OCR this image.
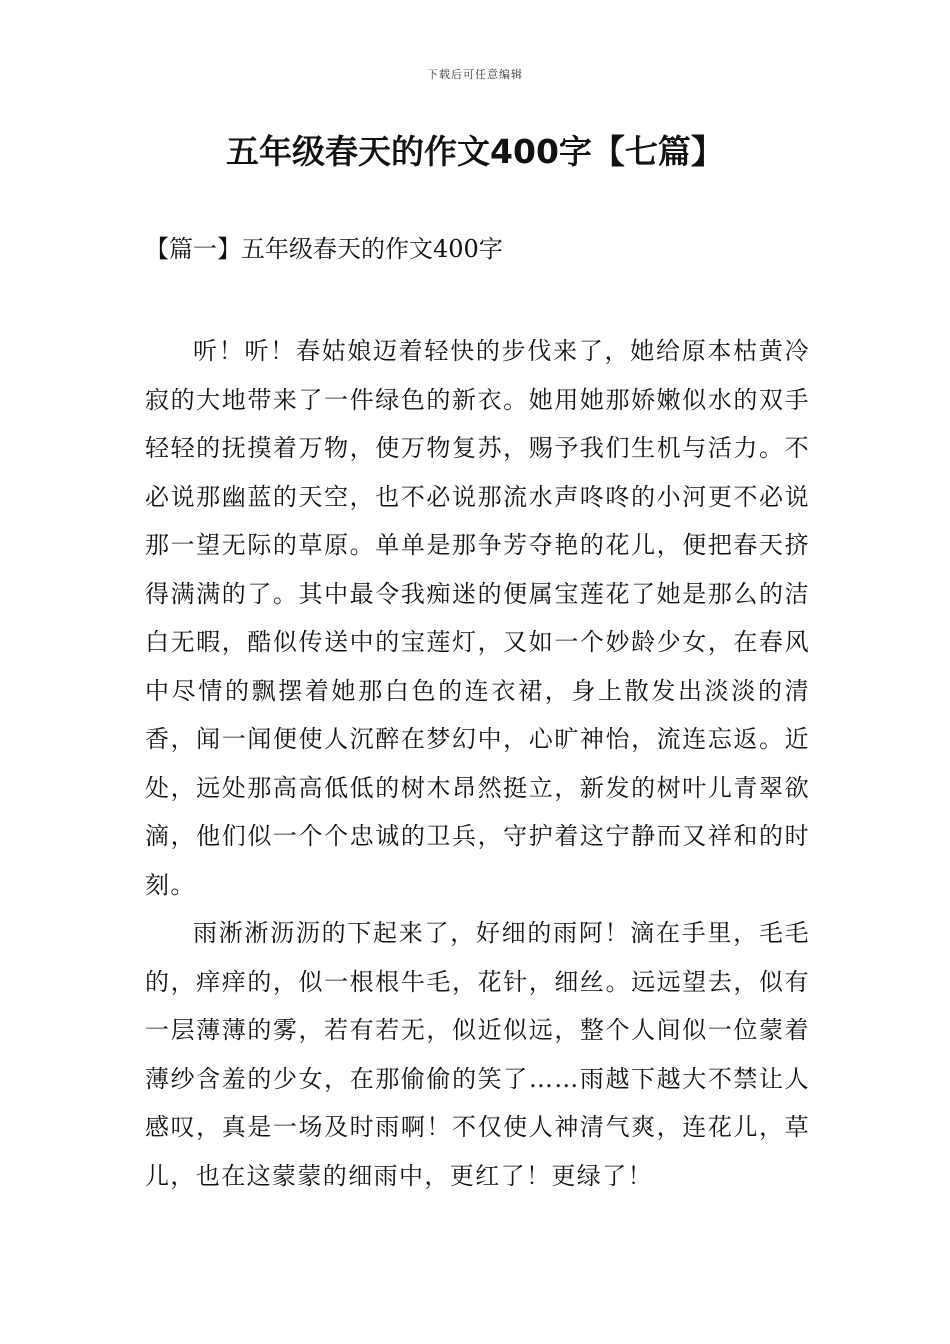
下载后可任意编辑
五年级春天的作文400字【七篇】
【篇一】五年级春天的作文400字

听！听！春姑娘迈着轻快的步伐来了，她给原本枯黄冷寂的大地带来了一件绿色的新衣。她用她那娇嫩似水的双手轻轻的抚摸着万物，使万物复苏，赐予我们生机与活力。不必说那幽蓝的天空，也不必说那流水声咚咚的小河更不必说那一望无际的草原。单单是那争芳夺艳的花儿，便把春天挤得满满的了。其中最令我痴迷的便属宝莲花了她是那么的洁白无暇，酷似传送中的宝莲灯，又如一个妙龄少女，在春风中尽情的飘摆着她那白色的连衣裙，身上散发出淡淡的清香，闻一闻便使人沉醉在梦幻中，心旷神怡，流连忘返。近处，远处那高高低低的树木昂然挺立，新发的树叶儿青翠欲滴，他们似一个个忠诚的卫兵，守护着这宁静而又祥和的时刻。

雨淅淅沥沥的下起来了，好细的雨阿！滴在手里，毛毛的，痒痒的，似一根根牛毛，花针，细丝。远远望去，似有一层薄薄的雾，若有若无，似近似远，整个人间似一位蒙着薄纱含羞的少女，在那偷偷的笑了……雨越下越大不禁让人感叹，真是一场及时雨啊！不仅使人神清气爽，连花儿，草儿，也在这蒙蒙的细雨中，更红了！更绿了！
